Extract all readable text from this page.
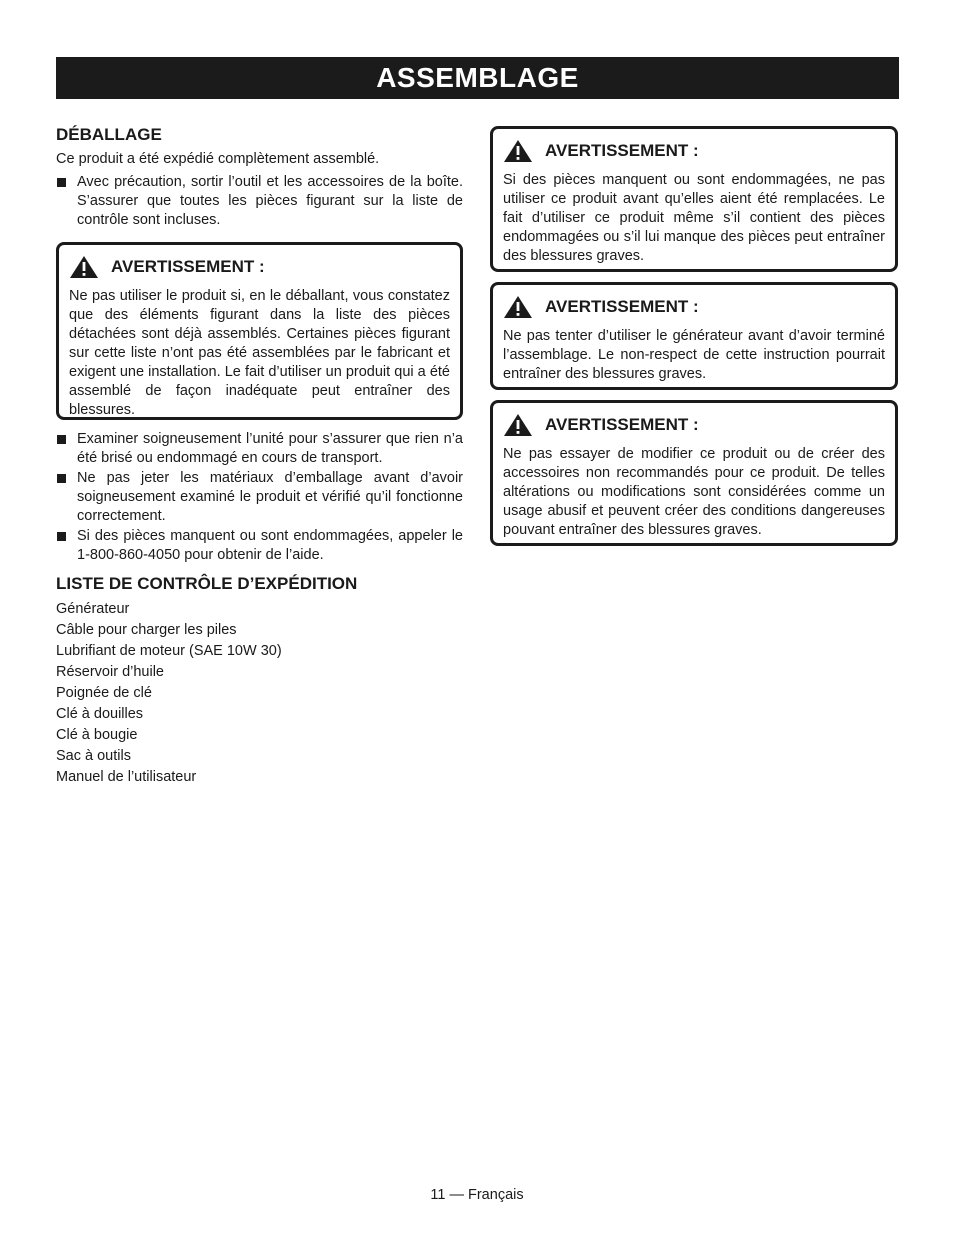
ASSEMBLAGE
DÉBALLAGE

Ce produit a été expédié complètement assemblé.

Avec précaution, sortir l’outil et les accessoires de la boîte. S’assurer que toutes les pièces figurant sur la liste de contrôle sont incluses.
AVERTISSEMENT :

Ne pas utiliser le produit si, en le déballant, vous constatez que des éléments figurant dans la liste des pièces détachées sont déjà assemblés. Certaines pièces figurant sur cette liste n’ont pas été assemblées par le fabricant et exigent une installation. Le fait d’utiliser un produit qui a été assemblé de façon inadéquate peut entraîner des blessures.

Examiner soigneusement l’unité pour s’assurer que rien n’a été brisé ou endommagé en cours de transport.
Ne pas jeter les matériaux d’emballage avant d’avoir soigneusement examiné le produit et vérifié qu’il fonctionne correctement.
Si des pièces manquent ou sont endommagées, appeler le 1-800-860-4050 pour obtenir de l’aide.
LISTE DE CONTRÔLE D’EXPÉDITION
Générateur
Câble pour charger les piles
Lubrifiant de moteur (SAE 10W 30)
Réservoir d’huile
Poignée de clé
Clé à douilles
Clé à bougie
Sac à outils
Manuel de l’utilisateur
AVERTISSEMENT :

Si des pièces manquent ou sont endommagées, ne pas utiliser ce produit avant qu’elles aient été remplacées. Le fait d’utiliser ce produit même s’il contient des pièces endommagées ou s’il lui manque des pièces peut entraîner des blessures graves.

AVERTISSEMENT :

Ne pas tenter d’utiliser le générateur avant d’avoir terminé l’assemblage. Le non-respect de cette instruction pourrait entraîner des blessures graves.

AVERTISSEMENT :

Ne pas essayer de modifier ce produit ou de créer des accessoires non recommandés pour ce produit. De telles altérations ou modifications sont considérées comme un usage abusif et peuvent créer des conditions dangereuses pouvant entraîner des blessures graves.

11 — Français
